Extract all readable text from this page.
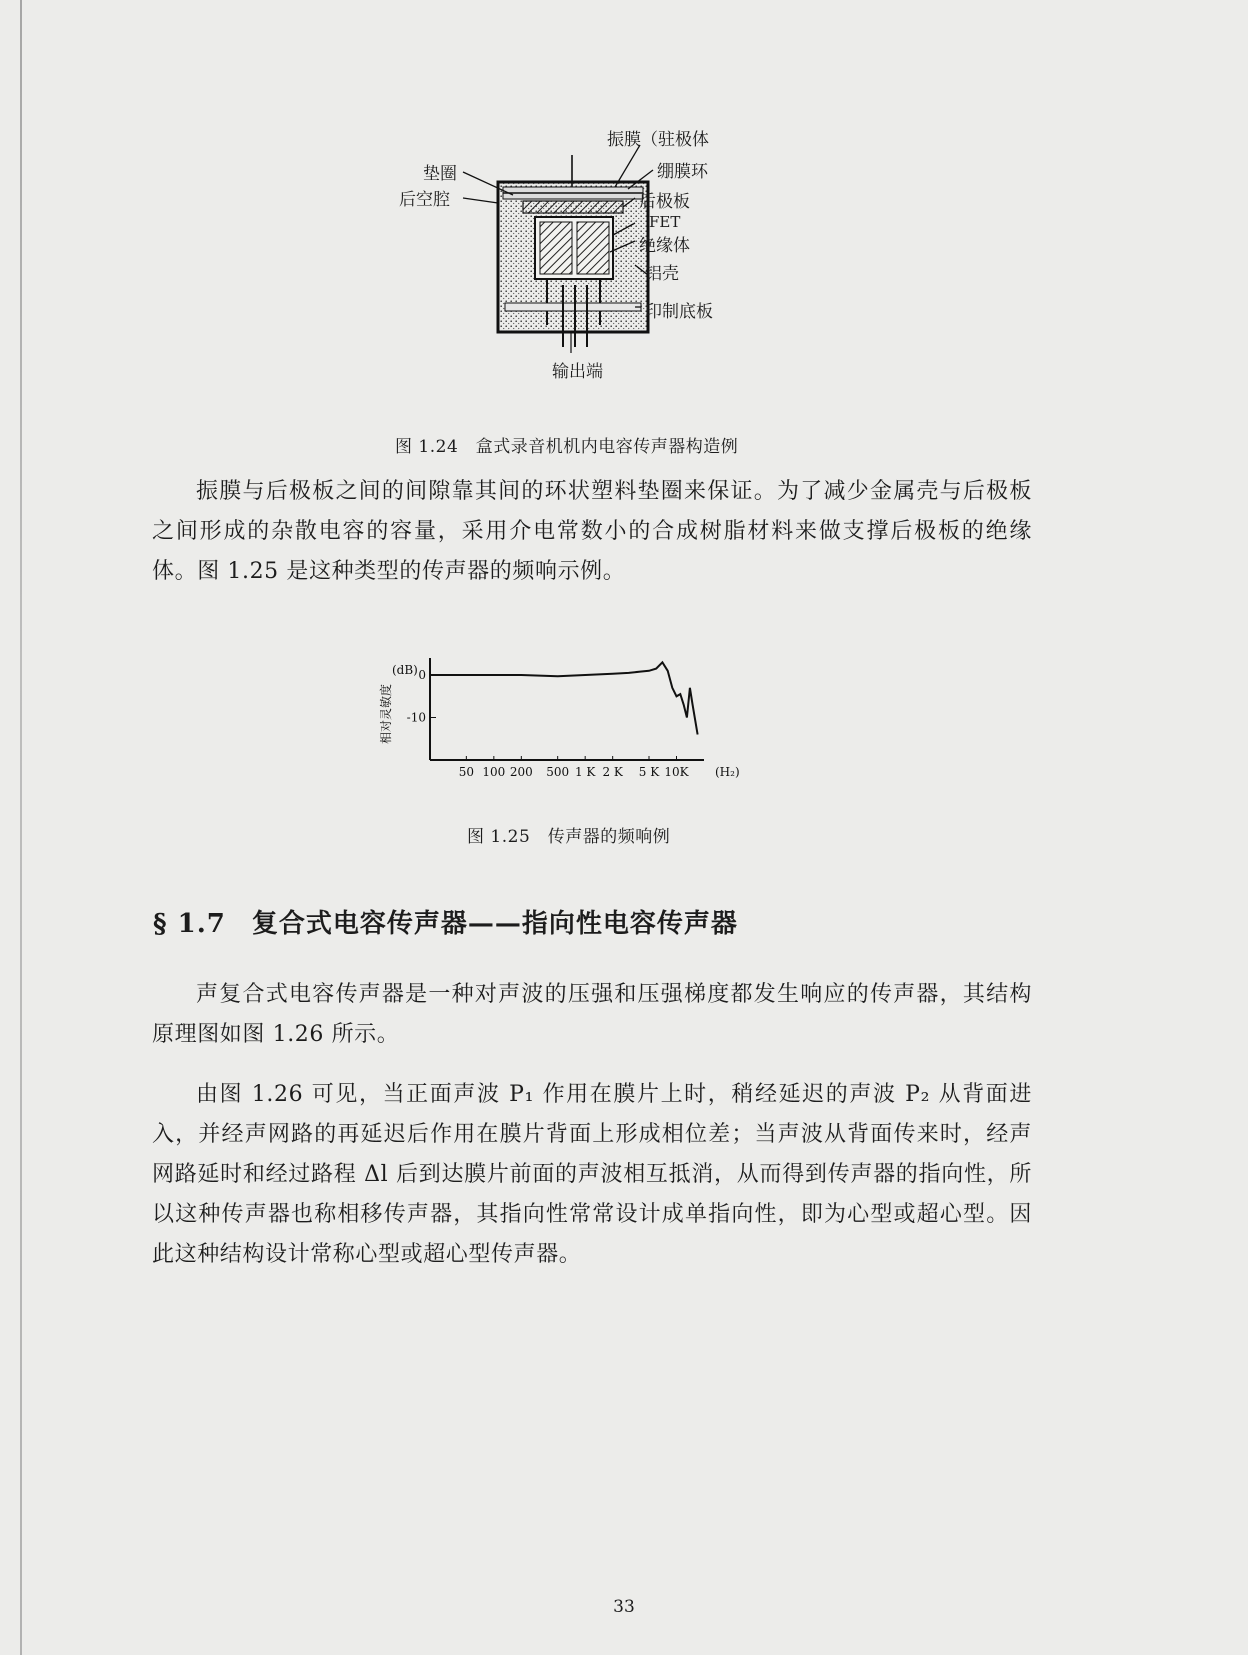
振膜（驻极体
绷膜环
垫圈
后空腔	后极板
FET
绝缘体
铝壳
印制底板
输出端
图 1.24　盒式录音机机内电容传声器构造例

振膜与后极板之间的间隙靠其间的环状塑料垫圈来保证。为了减少金属壳与后极板之间形成的杂散电容的容量，采用介电常数小的合成树脂材料来做支撑后极板的绝缘体。图 1.25 是这种类型的传声器的频响示例。

50 100 200 500 1 K 2 K 5 K 10K
0
-10
(dB)
(H₂)
相对灵敏度
图 1.25　传声器的频响例
§ 1.7 复合式电容传声器——指向性电容传声器

声复合式电容传声器是一种对声波的压强和压强梯度都发生响应的传声器，其结构原理图如图 1.26 所示。

由图 1.26 可见，当正面声波 P₁ 作用在膜片上时，稍经延迟的声波 P₂ 从背面进入，并经声网路的再延迟后作用在膜片背面上形成相位差；当声波从背面传来时，经声网路延时和经过路程 Δl 后到达膜片前面的声波相互抵消，从而得到传声器的指向性，所以这种传声器也称相移传声器，其指向性常常设计成单指向性，即为心型或超心型。因此这种结构设计常称心型或超心型传声器。

33
